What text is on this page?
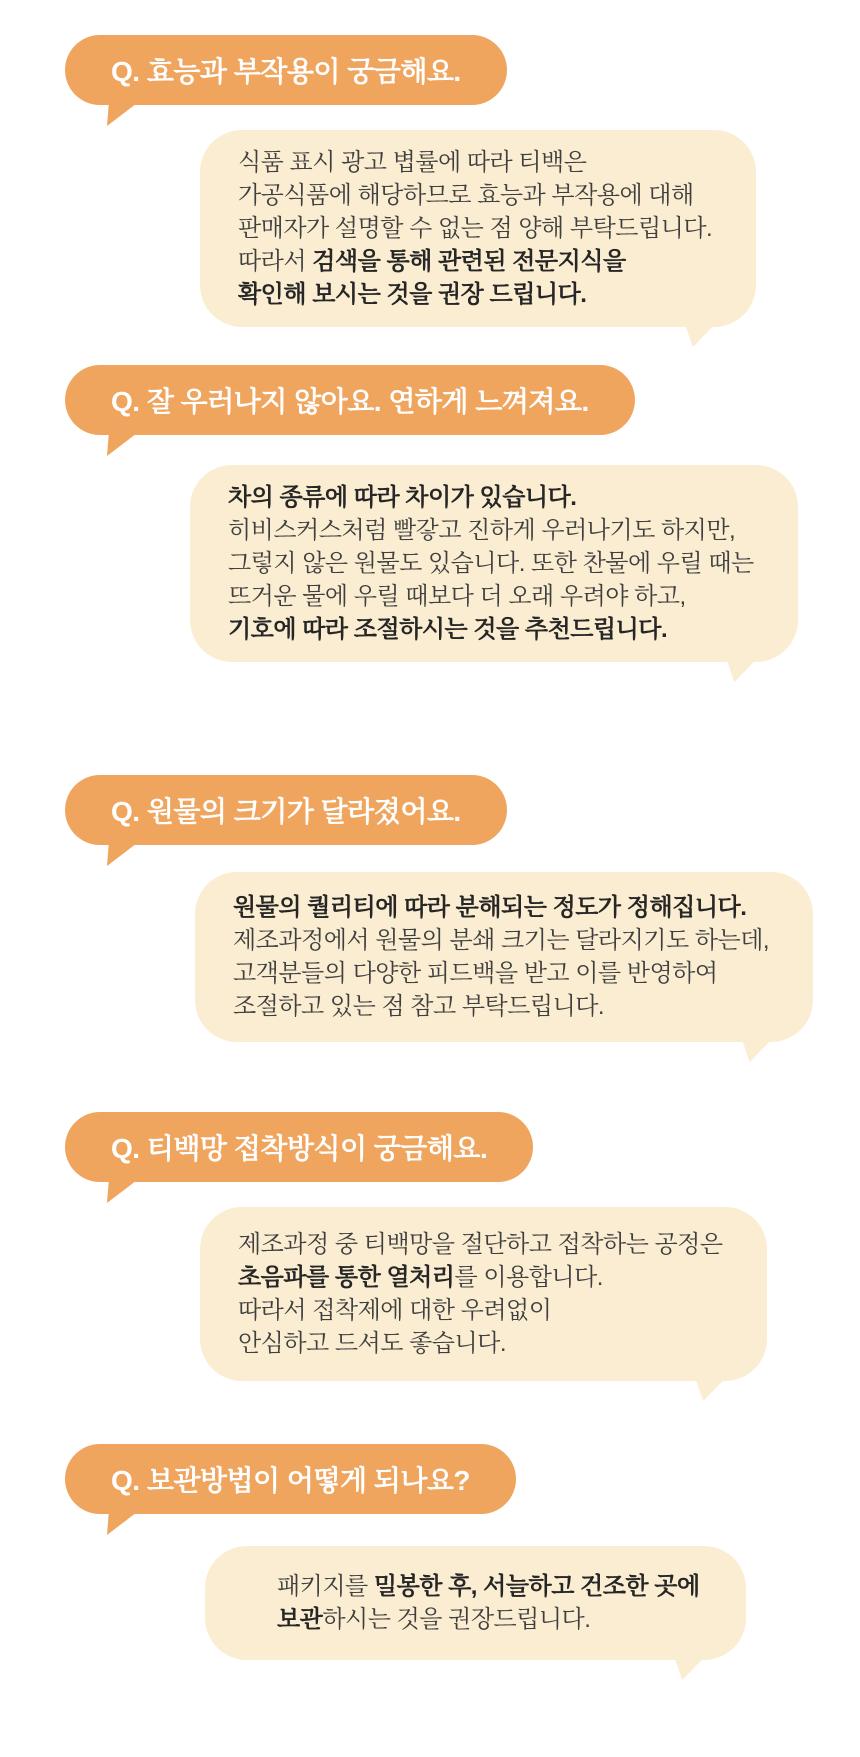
Q. 효능과 부작용이 궁금해요.	
식품 표시 광고 볍률에 따라 티백은
가공식품에 해당하므로 효능과 부작용에 대해
판매자가 설명할 수 없는 점 양해 부탁드립니다.
따라서 검색을 통해 관련된 전문지식을
확인해 보시는 것을 권장 드립니다.
Q. 잘 우러나지 않아요. 연하게 느껴져요.	
차의 종류에 따라 차이가 있습니다.
히비스커스처럼 빨갛고 진하게 우러나기도 하지만,
그렇지 않은 원물도 있습니다. 또한 찬물에 우릴 때는
뜨거운 물에 우릴 때보다 더 오래 우려야 하고,
기호에 따라 조절하시는 것을 추천드립니다.
Q. 원물의 크기가 달라졌어요.	
원물의 퀄리티에 따라 분해되는 정도가 정해집니다.
제조과정에서 원물의 분쇄 크기는 달라지기도 하는데,
고객분들의 다양한 피드백을 받고 이를 반영하여
조절하고 있는 점 참고 부탁드립니다.
Q. 티백망 접착방식이 궁금해요.	
제조과정 중 티백망을 절단하고 접착하는 공정은
초음파를 통한 열처리를 이용합니다.
따라서 접착제에 대한 우려없이
안심하고 드셔도 좋습니다.
Q. 보관방법이 어떻게 되나요?	
패키지를 밀봉한 후, 서늘하고 건조한 곳에
보관하시는 것을 권장드립니다.
